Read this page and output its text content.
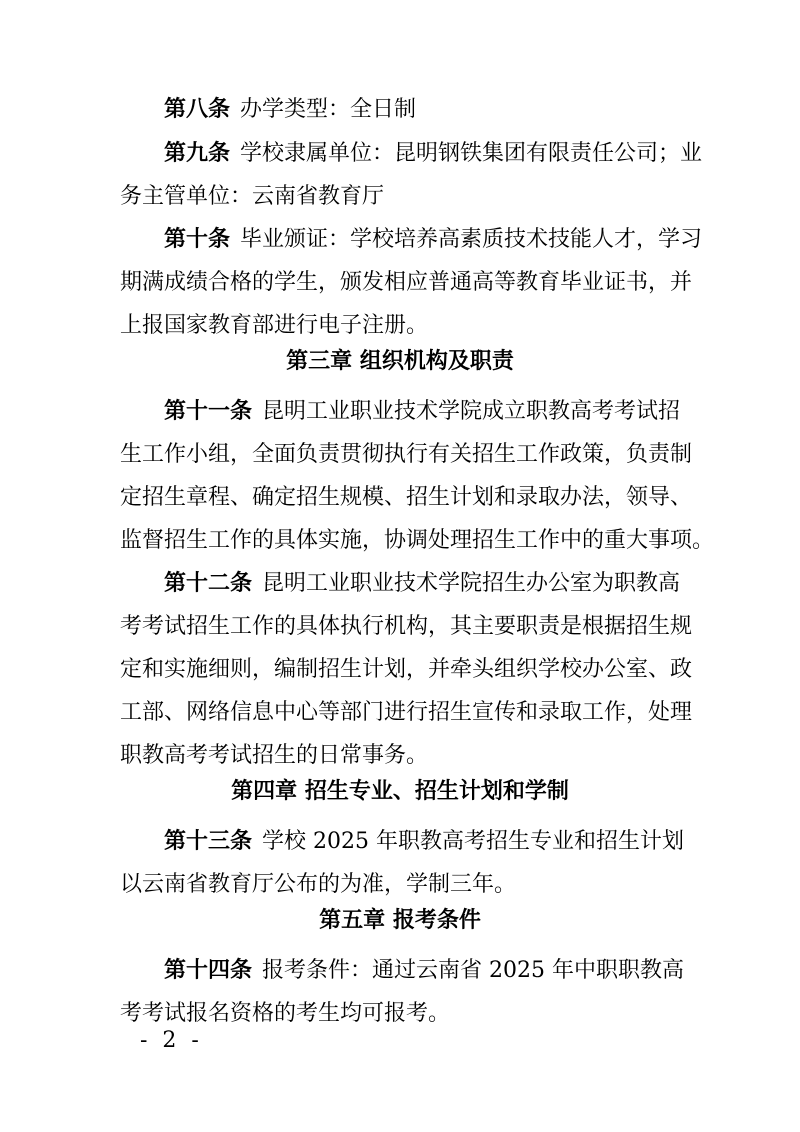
第八条 办学类型：全日制
第九条 学校隶属单位：昆明钢铁集团有限责任公司；业
务主管单位：云南省教育厅
第十条 毕业颁证：学校培养高素质技术技能人才，学习
期满成绩合格的学生，颁发相应普通高等教育毕业证书，并
上报国家教育部进行电子注册。
第三章 组织机构及职责
第十一条 昆明工业职业技术学院成立职教高考考试招
生工作小组，全面负责贯彻执行有关招生工作政策，负责制
定招生章程、确定招生规模、招生计划和录取办法，领导、
监督招生工作的具体实施，协调处理招生工作中的重大事项。
第十二条 昆明工业职业技术学院招生办公室为职教高
考考试招生工作的具体执行机构，其主要职责是根据招生规
定和实施细则，编制招生计划，并牵头组织学校办公室、政
工部、网络信息中心等部门进行招生宣传和录取工作，处理
职教高考考试招生的日常事务。
第四章 招生专业、招生计划和学制
第十三条 学校 2025 年职教高考招生专业和招生计划
以云南省教育厅公布的为准，学制三年。
第五章 报考条件
第十四条 报考条件：通过云南省 2025 年中职职教高
考考试报名资格的考生均可报考。
- 2 -
